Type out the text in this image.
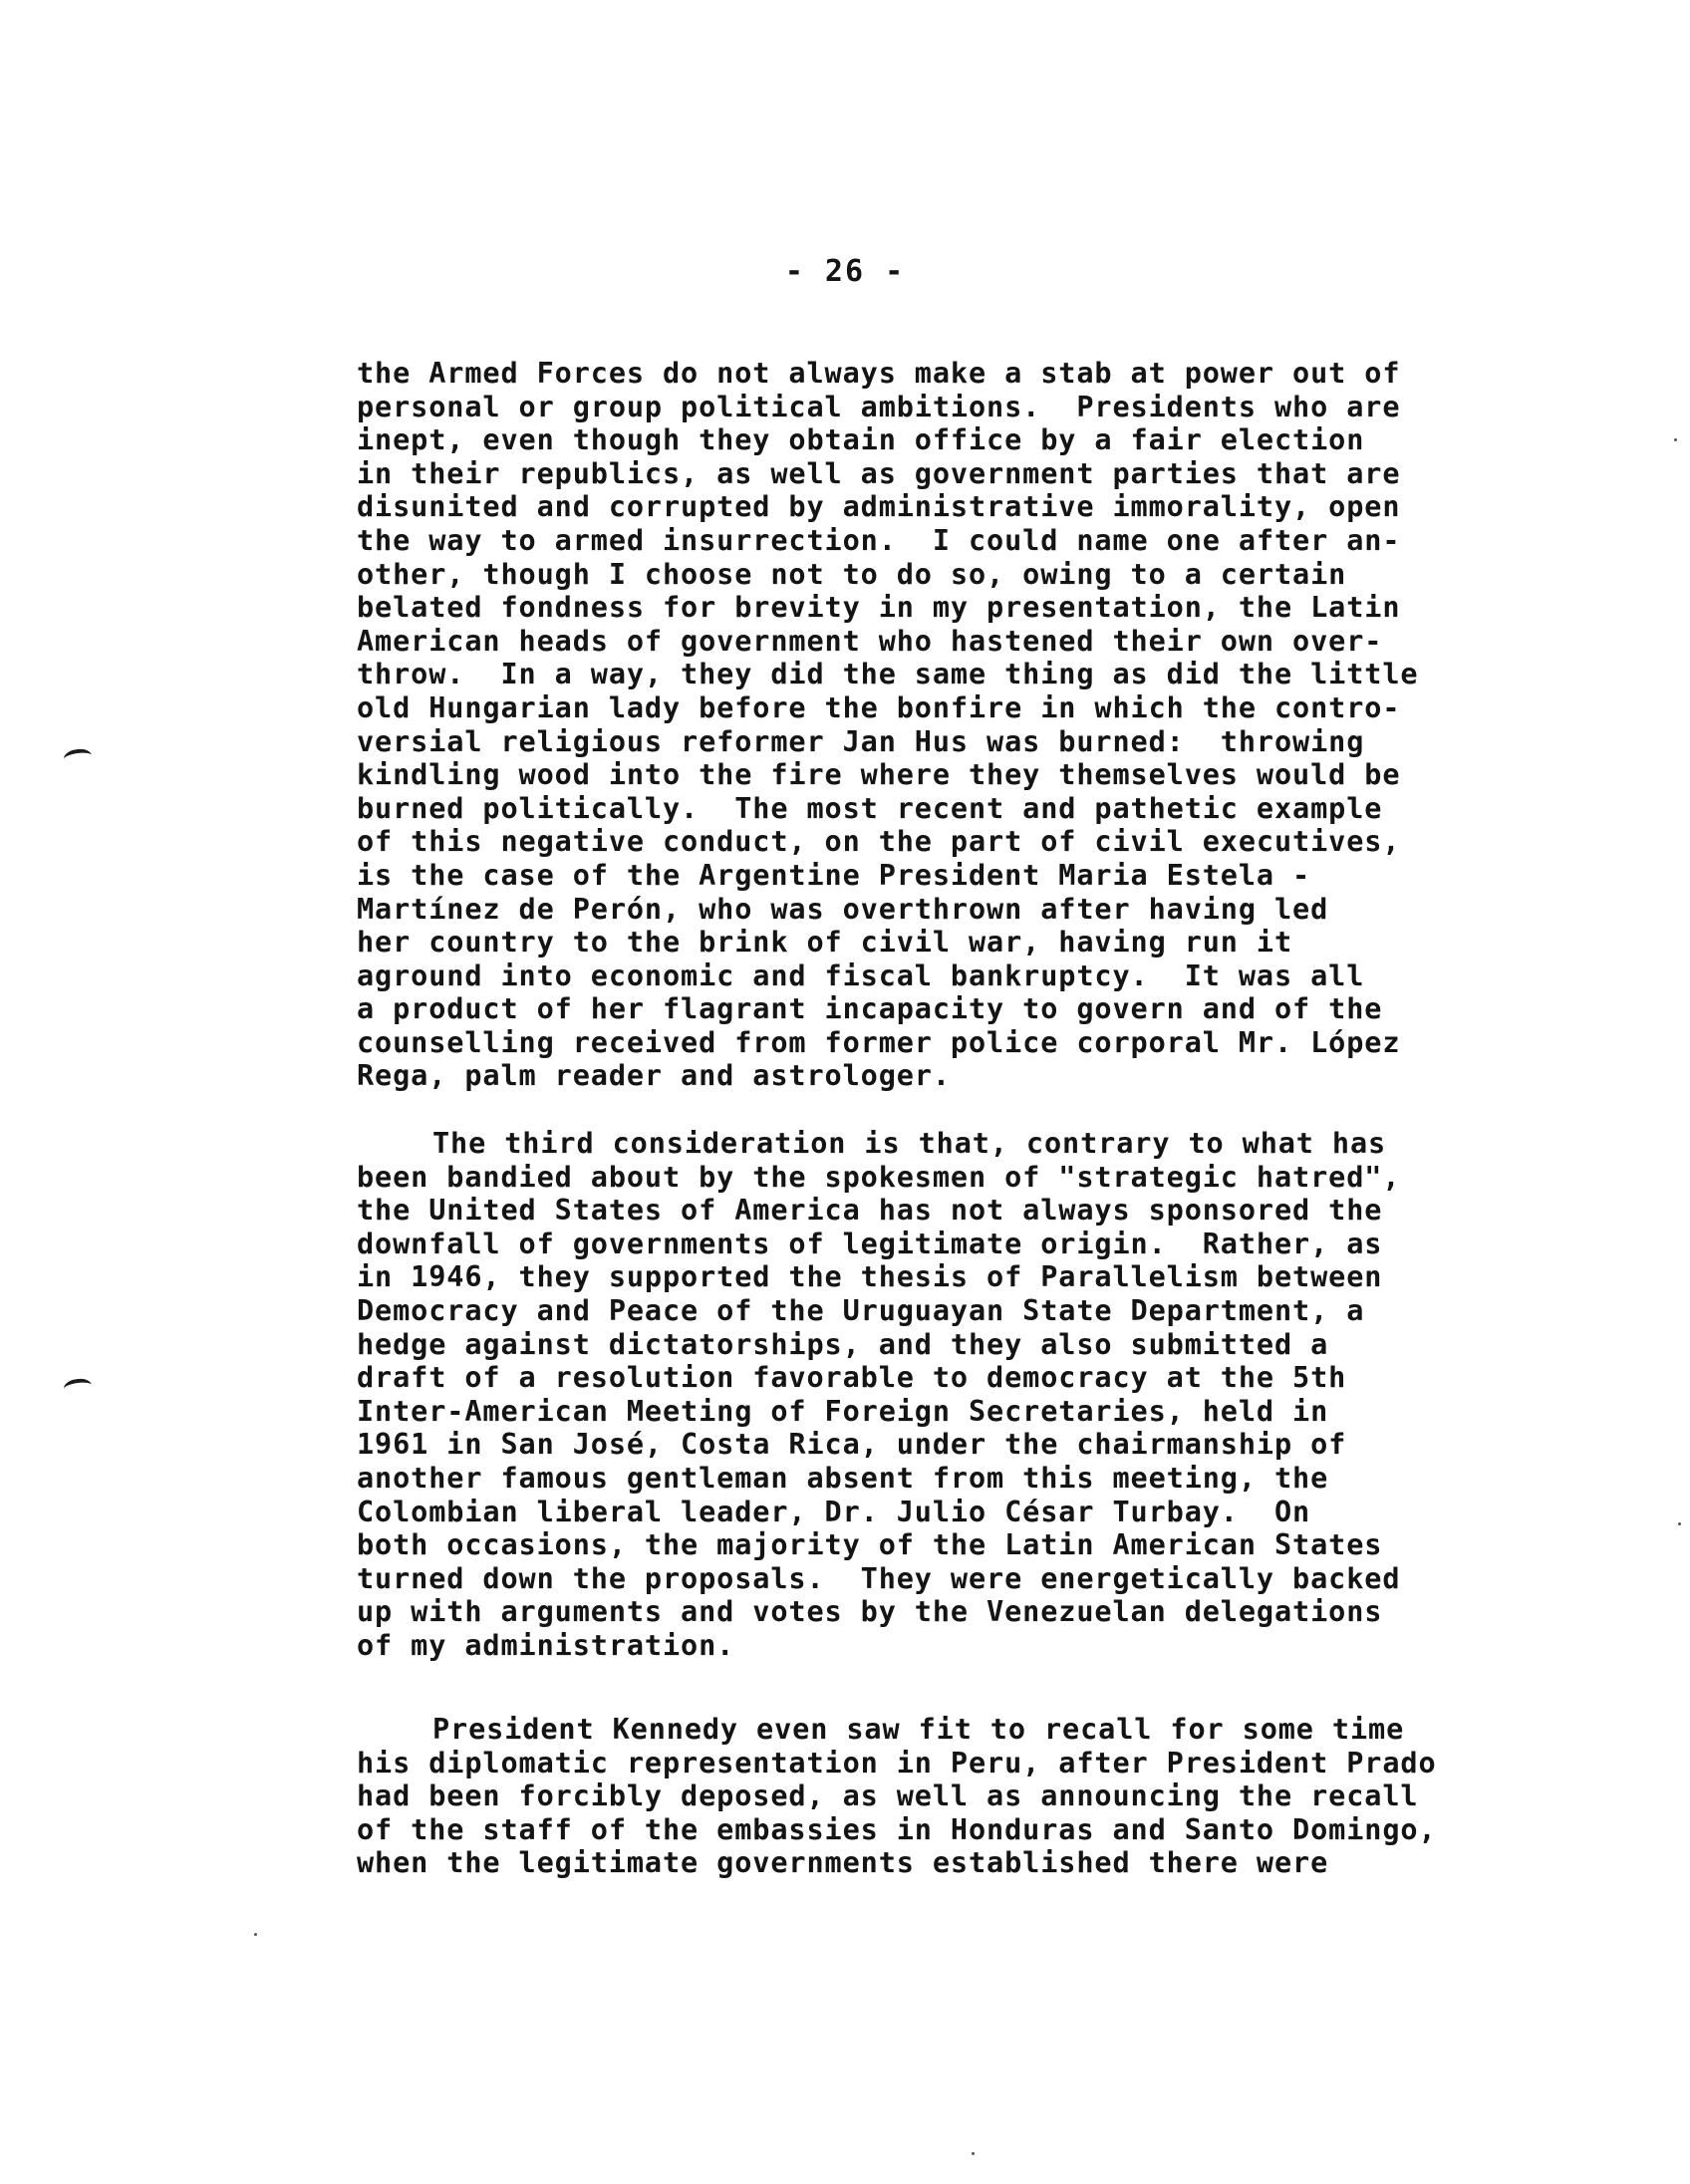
- 26 -
the Armed Forces do not always make a stab at power out of
personal or group political ambitions.  Presidents who are
inept, even though they obtain office by a fair election
in their republics, as well as government parties that are
disunited and corrupted by administrative immorality, open
the way to armed insurrection.  I could name one after an-
other, though I choose not to do so, owing to a certain
belated fondness for brevity in my presentation, the Latin
American heads of government who hastened their own over-
throw.  In a way, they did the same thing as did the little
old Hungarian lady before the bonfire in which the contro-
versial religious reformer Jan Hus was burned:  throwing
kindling wood into the fire where they themselves would be
burned politically.  The most recent and pathetic example
of this negative conduct, on the part of civil executives,
is the case of the Argentine President Maria Estela -
Martínez de Perón, who was overthrown after having led
her country to the brink of civil war, having run it
aground into economic and fiscal bankruptcy.  It was all
a product of her flagrant incapacity to govern and of the
counselling received from former police corporal Mr. López
Rega, palm reader and astrologer.
The third consideration is that, contrary to what has
been bandied about by the spokesmen of "strategic hatred",
the United States of America has not always sponsored the
downfall of governments of legitimate origin.  Rather, as
in 1946, they supported the thesis of Parallelism between
Democracy and Peace of the Uruguayan State Department, a
hedge against dictatorships, and they also submitted a
draft of a resolution favorable to democracy at the 5th
Inter-American Meeting of Foreign Secretaries, held in
1961 in San José, Costa Rica, under the chairmanship of
another famous gentleman absent from this meeting, the
Colombian liberal leader, Dr. Julio César Turbay.  On
both occasions, the majority of the Latin American States
turned down the proposals.  They were energetically backed
up with arguments and votes by the Venezuelan delegations
of my administration.
President Kennedy even saw fit to recall for some time
his diplomatic representation in Peru, after President Prado
had been forcibly deposed, as well as announcing the recall
of the staff of the embassies in Honduras and Santo Domingo,
when the legitimate governments established there were
